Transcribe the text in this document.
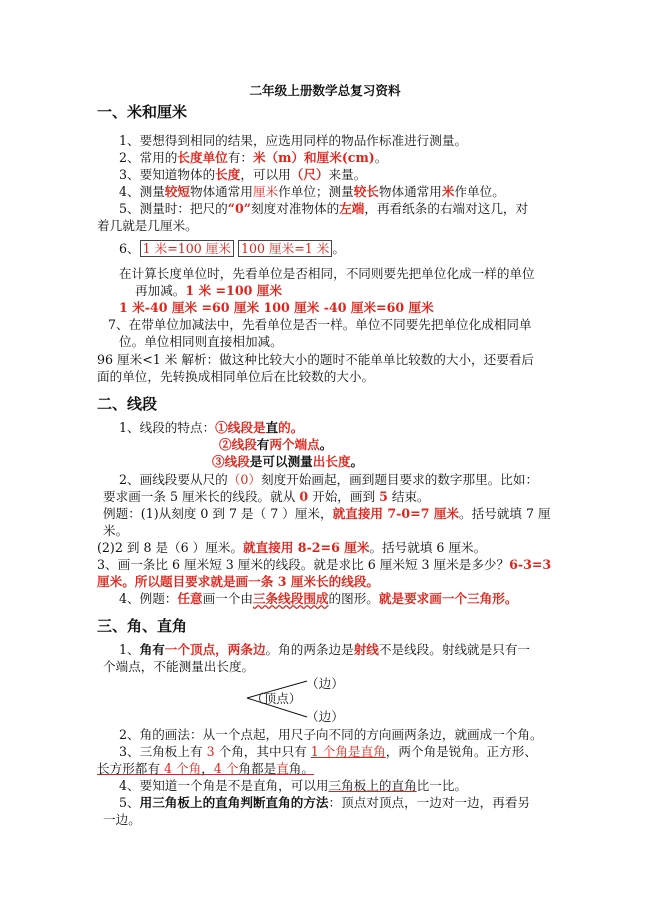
二年级上册数学总复习资料
一、米和厘米
1、要想得到相同的结果，应选用同样的物品作标准进行测量。
2、常用的长度单位有：米（m）和厘米(cm)。
3、要知道物体的长度，可以用（尺）来量。
4、测量较短物体通常用厘米作单位；测量较长物体通常用米作单位。
5、测量时：把尺的“0”刻度对准物体的左端，再看纸条的右端对这几，对
着几就是几厘米。
6、 1 米=100 厘米 100 厘米=1 米 。
在计算长度单位时，先看单位是否相同，不同则要先把单位化成一样的单位
再加减。1 米 =100 厘米
1 米-40 厘米 =60 厘米 100 厘米 -40 厘米=60 厘米
7、在带单位加减法中，先看单位是否一样。单位不同要先把单位化成相同单
位。单位相同则直接相加减。
96 厘米<1 米 解析：做这种比较大小的题时不能单单比较数的大小，还要看后
面的单位，先转换成相同单位后在比较数的大小。
二、线段
1、线段的特点：①线段是直的。
②线段有两个端点。
③线段是可以测量出长度。
2、画线段要从尺的（0）刻度开始画起，画到题目要求的数字那里。比如：
要求画一条 5 厘米长的线段。就从 0 开始，画到 5 结束。
例题：(1)从刻度 0 到 7 是（ 7 ）厘米，就直接用 7-0=7 厘米。括号就填 7 厘
米。
(2)2 到 8 是（6 ）厘米。就直接用 8-2=6 厘米。括号就填 6 厘米。
3、画一条比 6 厘米短 3 厘米的线段。就是求比 6 厘米短 3 厘米是多少？6-3=3
厘米。所以题目要求就是画一条 3 厘米长的线段。
4、例题：任意画一个由三条线段围成的图形。就是要求画一个三角形。
三、角、直角
1、角有一个顶点，两条边。角的两条边是射线不是线段。射线就是只有一
个端点，不能测量出长度。
（边）
（顶点）
（边）
2、角的画法：从一个点起，用尺子向不同的方向画两条边，就画成一个角。
3、三角板上有 3 个角，其中只有 1 个角是直角，两个角是锐角。正方形、
长方形都有 4 个角，4 个角都是直角。
4、要知道一个角是不是直角，可以用三角板上的直角比一比。
5、用三角板上的直角判断直角的方法：顶点对顶点，一边对一边，再看另
一边。
